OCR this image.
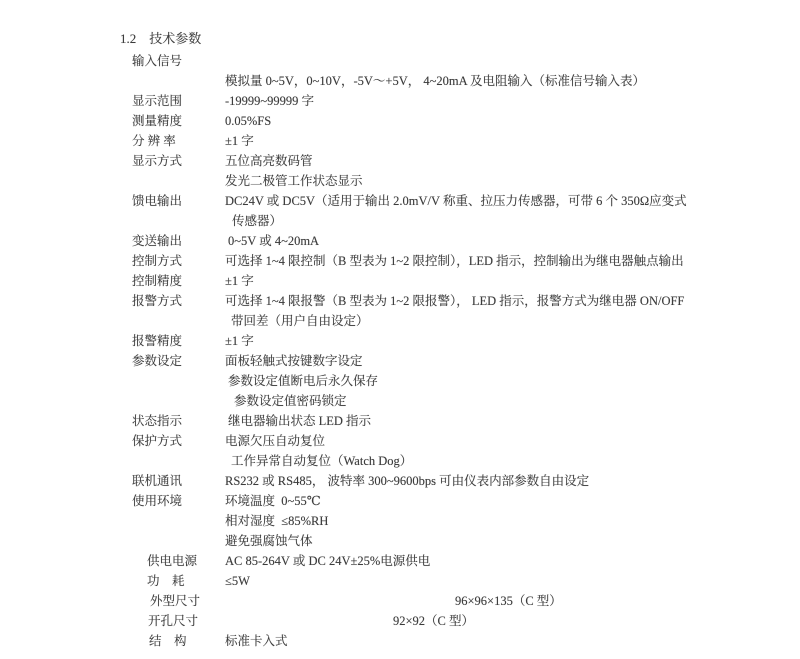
1.2 技术参数
输入信号
模拟量 0~5V，0~10V，-5V～+5V， 4~20mA 及电阻输入（标准信号输入表）
显示范围	-19999~99999 字
测量精度	0.05%FS
分 辨 率	±1 字
显示方式	五位高亮数码管
发光二极管工作状态显示
馈电输出	DC24V 或 DC5V（适用于输出 2.0mV/V 称重、拉压力传感器，可带 6 个 350Ω应变式
传感器）
变送输出	0~5V 或 4~20mA
控制方式	可选择 1~4 限控制（B 型表为 1~2 限控制），LED 指示，控制输出为继电器触点输出
控制精度	±1 字
报警方式	可选择 1~4 限报警（B 型表为 1~2 限报警）， LED 指示，报警方式为继电器 ON/OFF
带回差（用户自由设定）
报警精度	±1 字
参数设定	面板轻触式按键数字设定
参数设定值断电后永久保存
参数设定值密码锁定
状态指示	继电器输出状态 LED 指示
保护方式	电源欠压自动复位
工作异常自动复位（Watch Dog）
联机通讯	RS232 或 RS485， 波特率 300~9600bps 可由仪表内部参数自由设定
使用环境	环境温度  0~55℃
相对湿度  ≤85%RH
避免强腐蚀气体
供电电源	AC 85-264V 或 DC 24V±25%电源供电
功　耗	≤5W
外型尺寸	96×96×135（C 型）
开孔尺寸	92×92（C 型）
结　构	标准卡入式
